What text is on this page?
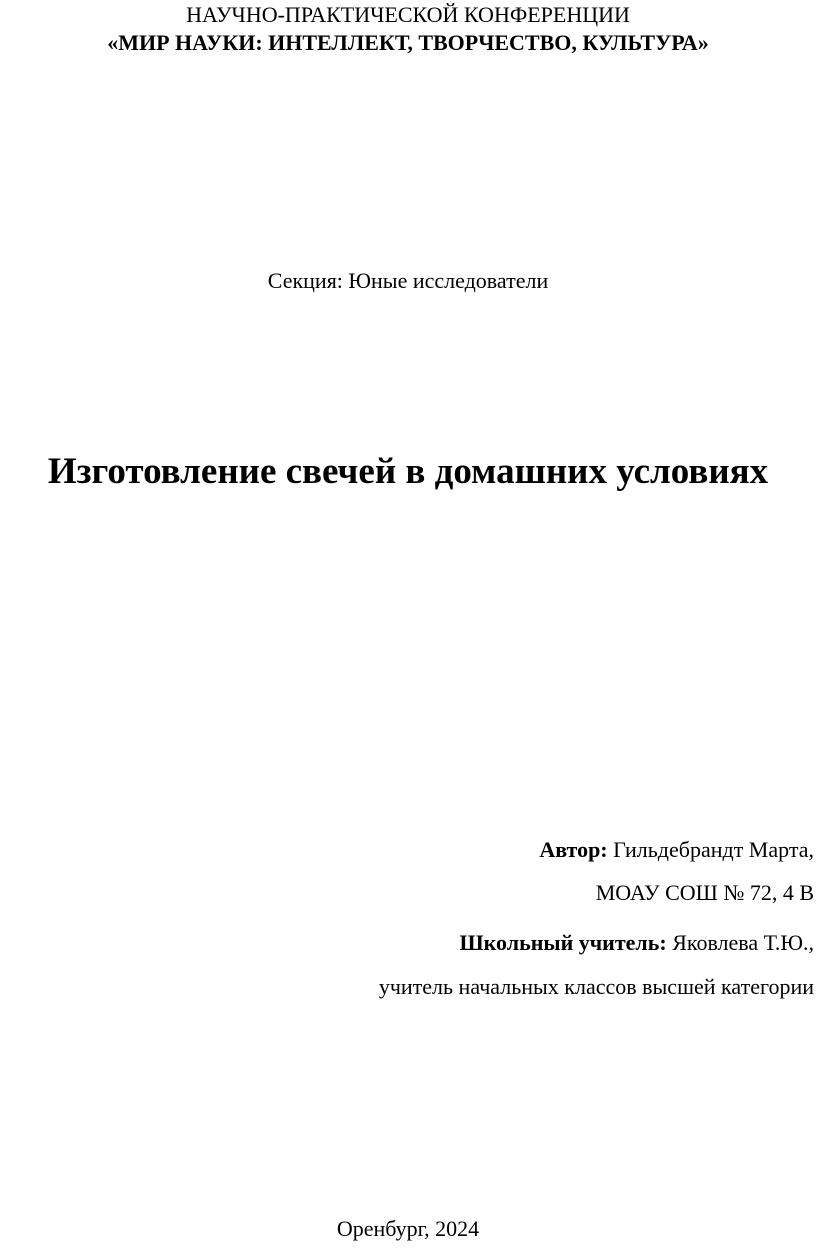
НАУЧНО-ПРАКТИЧЕСКОЙ КОНФЕРЕНЦИИ
«МИР НАУКИ: ИНТЕЛЛЕКТ, ТВОРЧЕСТВО, КУЛЬТУРА»
Секция: Юные исследователи
Изготовление свечей в домашних условиях
Автор: Гильдебрандт Марта,
МОАУ СОШ № 72, 4 В
Школьный учитель: Яковлева Т.Ю.,
учитель начальных классов высшей категории
Оренбург, 2024
